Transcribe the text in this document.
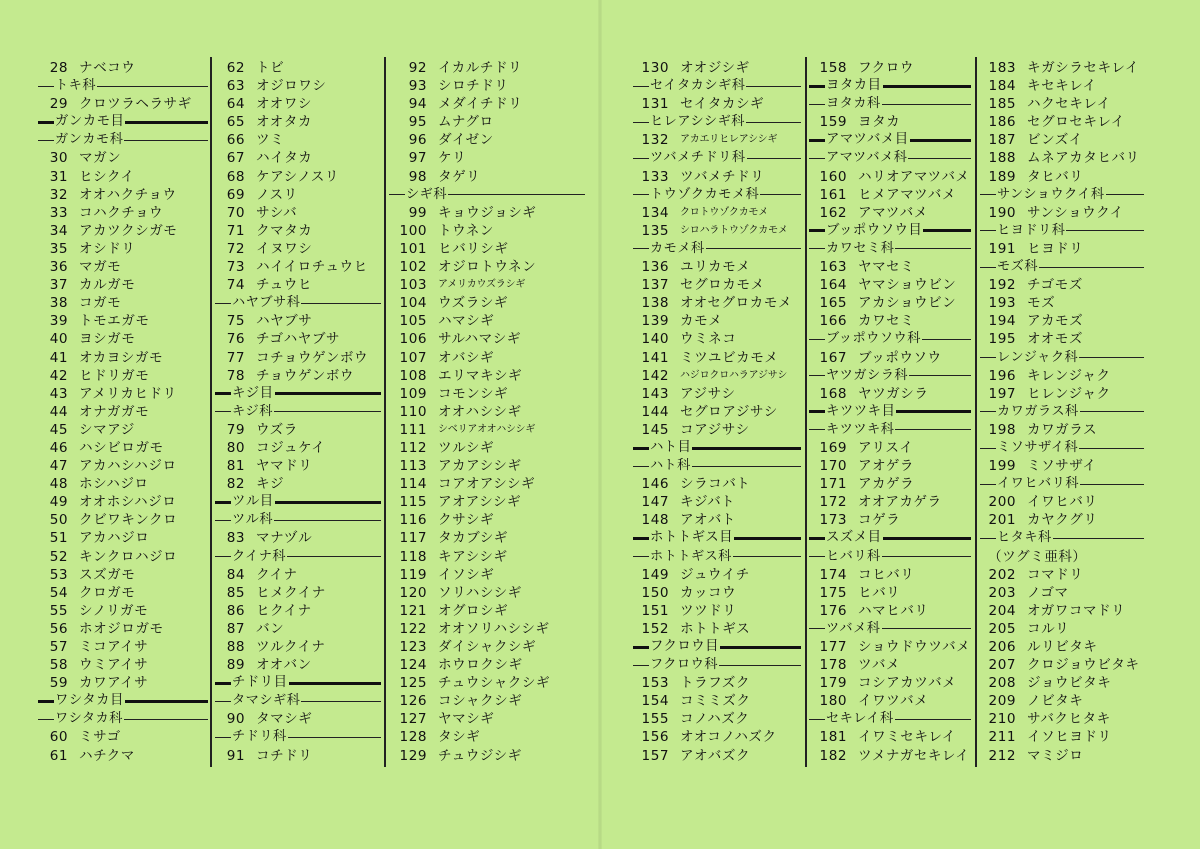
28 ナベコウ
トキ科
29 クロツラヘラサギ
ガンカモ目
ガンカモ科
30 マガン
31 ヒシクイ
32 オオハクチョウ
33 コハクチョウ
34 アカツクシガモ
35 オシドリ
36 マガモ
37 カルガモ
38 コガモ
39 トモエガモ
40 ヨシガモ
41 オカヨシガモ
42 ヒドリガモ
43 アメリカヒドリ
44 オナガガモ
45 シマアジ
46 ハシビロガモ
47 アカハシハジロ
48 ホシハジロ
49 オオホシハジロ
50 クビワキンクロ
51 アカハジロ
52 キンクロハジロ
53 スズガモ
54 クロガモ
55 シノリガモ
56 ホオジロガモ
57 ミコアイサ
58 ウミアイサ
59 カワアイサ
ワシタカ目
ワシタカ科
60 ミサゴ
61 ハチクマ
62 トビ
63 オジロワシ
64 オオワシ
65 オオタカ
66 ツミ
67 ハイタカ
68 ケアシノスリ
69 ノスリ
70 サシバ
71 クマタカ
72 イヌワシ
73 ハイイロチュウヒ
74 チュウヒ
ハヤブサ科
75 ハヤブサ
76 チゴハヤブサ
77 コチョウゲンボウ
78 チョウゲンボウ
キジ目
キジ科
79 ウズラ
80 コジュケイ
81 ヤマドリ
82 キジ
ツル目
ツル科
83 マナヅル
クイナ科
84 クイナ
85 ヒメクイナ
86 ヒクイナ
87 バン
88 ツルクイナ
89 オオバン
チドリ目
タマシギ科
90 タマシギ
チドリ科
91 コチドリ
92 イカルチドリ
93 シロチドリ
94 メダイチドリ
95 ムナグロ
96 ダイゼン
97 ケリ
98 タゲリ
シギ科
99 キョウジョシギ
100 トウネン
101 ヒバリシギ
102 オジロトウネン
103 アメリカウズラシギ
104 ウズラシギ
105 ハマシギ
106 サルハマシギ
107 オバシギ
108 エリマキシギ
109 コモンシギ
110 オオハシシギ
111 シベリアオオハシシギ
112 ツルシギ
113 アカアシシギ
114 コアオアシシギ
115 アオアシシギ
116 クサシギ
117 タカブシギ
118 キアシシギ
119 イソシギ
120 ソリハシシギ
121 オグロシギ
122 オオソリハシシギ
123 ダイシャクシギ
124 ホウロクシギ
125 チュウシャクシギ
126 コシャクシギ
127 ヤマシギ
128 タシギ
129 チュウジシギ
130 オオジシギ
セイタカシギ科
131 セイタカシギ
ヒレアシシギ科
132 アカエリヒレアシシギ
ツバメチドリ科
133 ツバメチドリ
トウゾクカモメ科
134 クロトウゾクカモメ
135 シロハラトウゾクカモメ
カモメ科
136 ユリカモメ
137 セグロカモメ
138 オオセグロカモメ
139 カモメ
140 ウミネコ
141 ミツユビカモメ
142 ハジロクロハラアジサシ
143 アジサシ
144 セグロアジサシ
145 コアジサシ
ハト目
ハト科
146 シラコバト
147 キジバト
148 アオバト
ホトトギス目
ホトトギス科
149 ジュウイチ
150 カッコウ
151 ツツドリ
152 ホトトギス
フクロウ目
フクロウ科
153 トラフズク
154 コミミズク
155 コノハズク
156 オオコノハズク
157 アオバズク
158 フクロウ
ヨタカ目
ヨタカ科
159 ヨタカ
アマツバメ目
アマツバメ科
160 ハリオアマツバメ
161 ヒメアマツバメ
162 アマツバメ
ブッポウソウ目
カワセミ科
163 ヤマセミ
164 ヤマショウビン
165 アカショウビン
166 カワセミ
ブッポウソウ科
167 ブッポウソウ
ヤツガシラ科
168 ヤツガシラ
キツツキ目
キツツキ科
169 アリスイ
170 アオゲラ
171 アカゲラ
172 オオアカゲラ
173 コゲラ
スズメ目
ヒバリ科
174 コヒバリ
175 ヒバリ
176 ハマヒバリ
ツバメ科
177 ショウドウツバメ
178 ツバメ
179 コシアカツバメ
180 イワツバメ
セキレイ科
181 イワミセキレイ
182 ツメナガセキレイ
183 キガシラセキレイ
184 キセキレイ
185 ハクセキレイ
186 セグロセキレイ
187 ビンズイ
188 ムネアカタヒバリ
189 タヒバリ
サンショウクイ科
190 サンショウクイ
ヒヨドリ科
191 ヒヨドリ
モズ科
192 チゴモズ
193 モズ
194 アカモズ
195 オオモズ
レンジャク科
196 キレンジャク
197 ヒレンジャク
カワガラス科
198 カワガラス
ミソサザイ科
199 ミソサザイ
イワヒバリ科
200 イワヒバリ
201 カヤクグリ
ヒタキ科
（ツグミ亜科）
202 コマドリ
203 ノゴマ
204 オガワコマドリ
205 コルリ
206 ルリビタキ
207 クロジョウビタキ
208 ジョウビタキ
209 ノビタキ
210 サバクヒタキ
211 イソヒヨドリ
212 マミジロ
